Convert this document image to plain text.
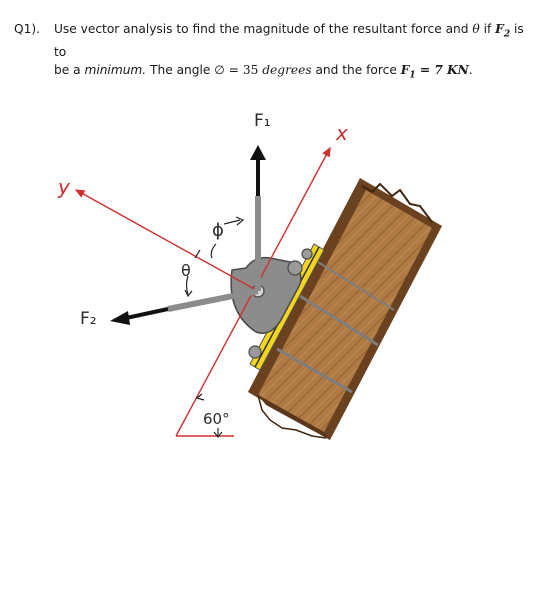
Q1). Use vector analysis to find the magnitude of the resultant force and θ if $F_2$ is to
be a minimum. The angle ∅ = 35 degrees and the force $F_1 = 7$ KN.
F₁
F₂
x
y
ϕ
θ
60°
